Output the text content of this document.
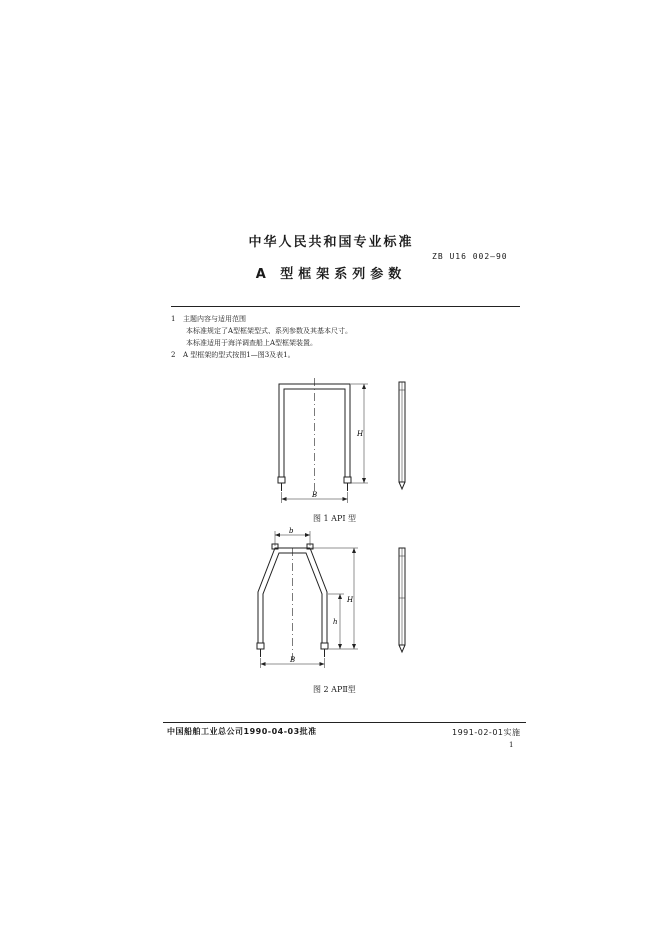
中华人民共和国专业标准
ZB U16 002—90
A 型框架系列参数
1 主题内容与适用范围
本标准规定了A型框架型式、系列参数及其基本尺寸。
本标准适用于海洋调查船上A型框架装置。
2 A 型框架的型式按图1—图3及表1。
H
B
图 1 API 型
b
H
h
B
图 2 APⅡ型
中国船舶工业总公司1990-04-03批准	1991-02-01实施
1
